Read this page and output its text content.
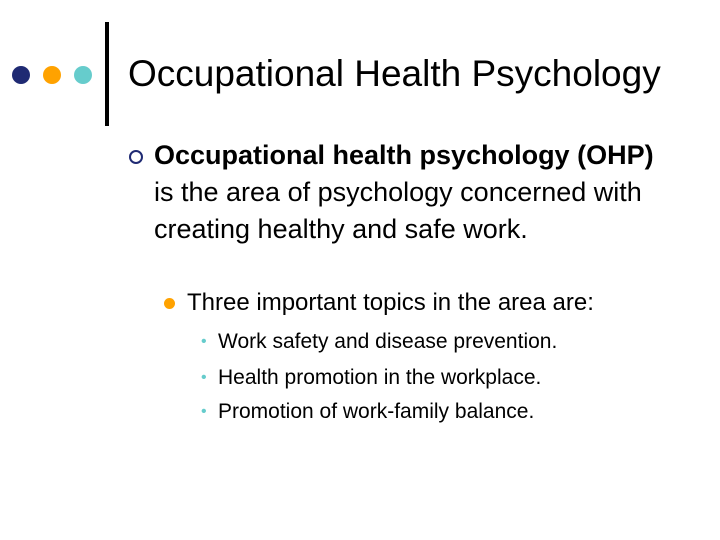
Occupational Health Psychology
Occupational health psychology (OHP) is the area of psychology concerned with creating healthy and safe work.
Three important topics in the area are:
• Work safety and disease prevention.
• Health promotion in the workplace.
• Promotion of work-family balance.
